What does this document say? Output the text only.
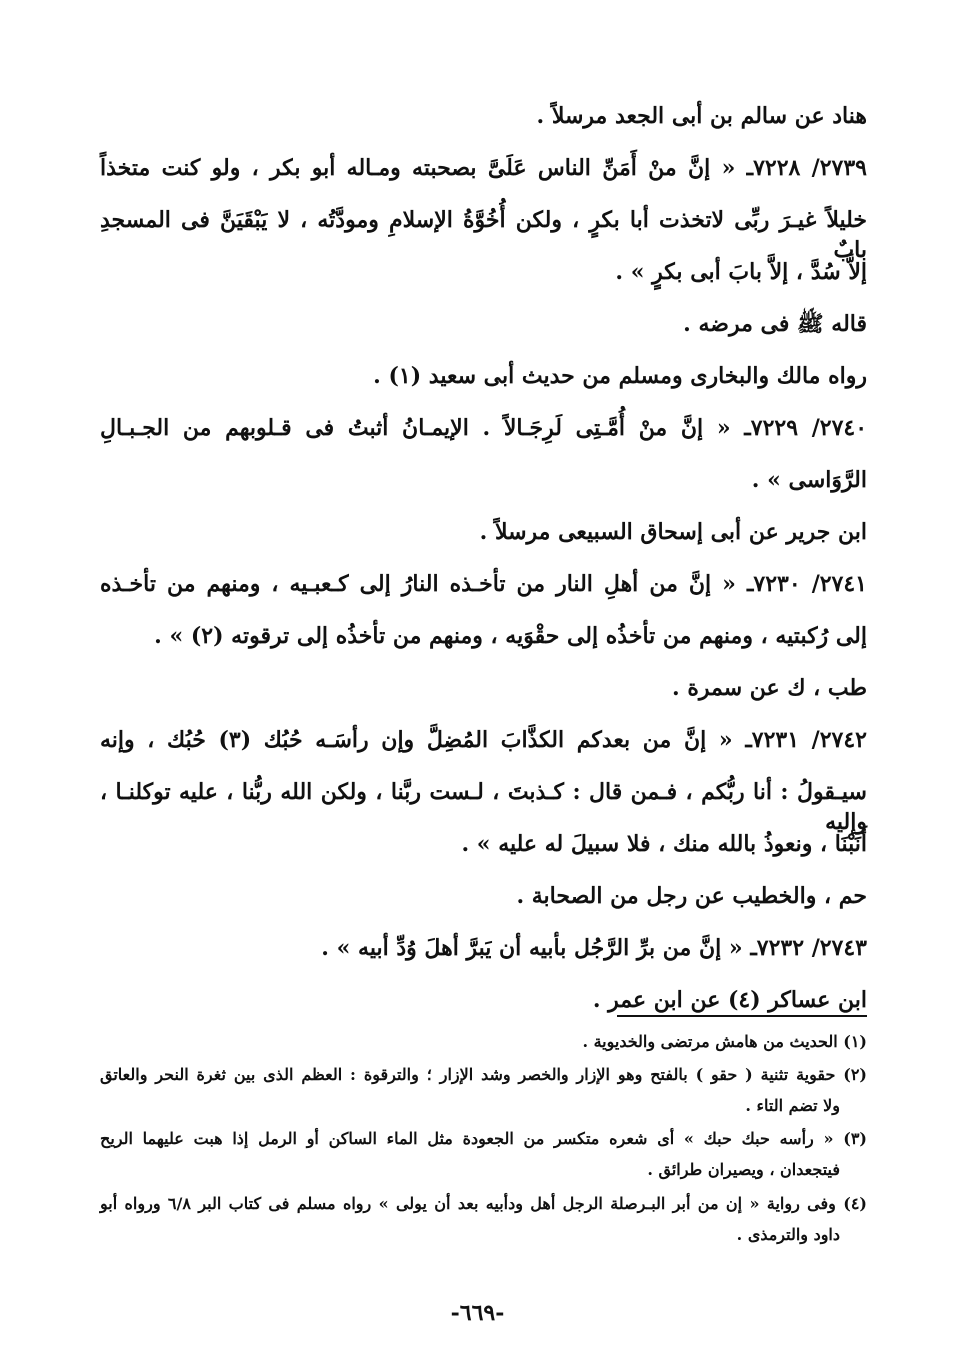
هناد عن سالم بن أبى الجعد مرسلاً .
٢٧٣٩/ ٧٢٢٨ـ « إنَّ منْ أَمَنِّ الناس عَلَىَّ بصحبته ومـاله أبو بكر ، ولو كنت متخذاً
خليلاً غيـرَ ربِّى لاتخذت أبا بكرٍ ، ولكن أُخُوَّةُ الإسلامِ ومودَّتُه ، لا يَبْقَيَنَّ فى المسجدِ بابٌ
إلاَّ سُدَّ ، إلاَّ بابَ أبى بكرٍ » .
قاله ﷺ فى مرضه .
رواه مالك والبخارى ومسلم من حديث أبى سعيد (١) .
٢٧٤٠/ ٧٢٢٩ـ « إنَّ منْ أُمَّـتِى لَرِجَـالاً . الإيمـانُ أثبتُ فى قـلوبهم من الجـبـالِ
الرَّوَاسى » .
ابن جرير عن أبى إسحاق السبيعى مرسلاً .
٢٧٤١/ ٧٢٣٠ـ « إنَّ من أهلِ النار من تأخـذه النارُ إلى كـعبـيه ، ومنهم من تأخـذه
إلى رُكبتيه ، ومنهم من تأخذُه إلى حقْوَيه ، ومنهم من تأخذُه إلى ترقوته (٢) » .
طب ، ك عن سمرة .
٢٧٤٢/ ٧٢٣١ـ « إنَّ من بعدكم الكذَّابَ المُضِلَّ وإن رأسَـه حُبُك (٣) حُبُك ، وإنه
سيـقولُ : أنا ربُّكم ، فـمن قال : كـذبتَ ، لـست ربَّنا ، ولكن الله ربُّنا ، عليه توكلنـا ، وإليه
أَنَبْنَا ، ونعوذُ بالله منك ، فلا سبيلَ له عليه » .
حم ، والخطيب عن رجل من الصحابة .
٢٧٤٣/ ٧٢٣٢ـ « إنَّ من برِّ الرَّجُل بأبيه أن يَبرَّ أهلَ وُدِّ أبيه » .
ابن عساكر (٤) عن ابن عمر .
(١) الحديث من هامش مرتضى والخديوية .
(٢) حقوية تثنية ( حقو ) بالفتح وهو الإزار والخصر وشد الإزار ؛ والترقوة : العظم الذى بين ثغرة النحر والعاتق
ولا تضم التاء .
(٣) « رأسه حبك حبك » أى شعره متكسر من الجعودة مثل الماء الساكن أو الرمل إذا هبت عليهما الريح
فيتجعدان ، ويصيران طرائق .
(٤) وفى رواية « إن من أبر البـرصلة الرجل أهل ودأبيه بعد أن يولى » رواه مسلم فى كتاب البر ٦/٨ ورواه أبو
داود والترمذى .
-٦٦٩-
